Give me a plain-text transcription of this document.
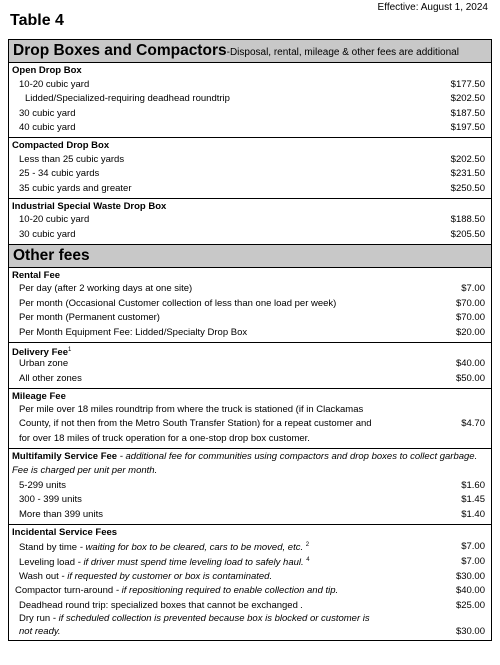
Effective: August 1, 2024
Table 4
Drop Boxes and Compactors-Disposal, rental, mileage & other fees are additional
Open Drop Box
10-20 cubic yard	$177.50
Lidded/Specialized-requiring deadhead roundtrip	$202.50
30 cubic yard	$187.50
40 cubic yard	$197.50
Compacted Drop Box
Less than 25 cubic yards	$202.50
25 - 34 cubic yards	$231.50
35 cubic yards and greater	$250.50
Industrial Special Waste Drop Box
10-20 cubic yard	$188.50
30 cubic yard	$205.50
Other fees
Rental Fee
Per day (after 2 working days at one site)	$7.00
Per month (Occasional Customer collection of less than one load per week)	$70.00
Per month (Permanent customer)	$70.00
Per Month Equipment Fee: Lidded/Specialty Drop Box	$20.00
Delivery Fee$^1$
Urban zone	$40.00
All other zones	$50.00
Mileage Fee
Per mile over 18 miles roundtrip from where the truck is stationed (if in Clackamas County, if not then from the Metro South Transfer Station) for a repeat customer and for over 18 miles of truck operation for a one-stop drop box customer.
$4.70
Multifamily Service Fee - additional fee for communities using compactors and drop boxes to collect garbage. Fee is charged per unit per month.
5-299 units	$1.60
300 - 399 units	$1.45
More than 399 units	$1.40
Incidental Service Fees
Stand by time - waiting for box to be cleared, cars to be moved, etc. $^2$	$7.00
Leveling load - if driver must spend time leveling load to safely haul. $^4$	$7.00
Wash out - if requested by customer or box is contaminated.	$30.00
Compactor turn-around - if repositioning required to enable collection and tip.	$40.00
Deadhead round trip: specialized boxes that cannot be exchanged .	$25.00
Dry run - if scheduled collection is prevented because box is blocked or customer is not ready.	$30.00
